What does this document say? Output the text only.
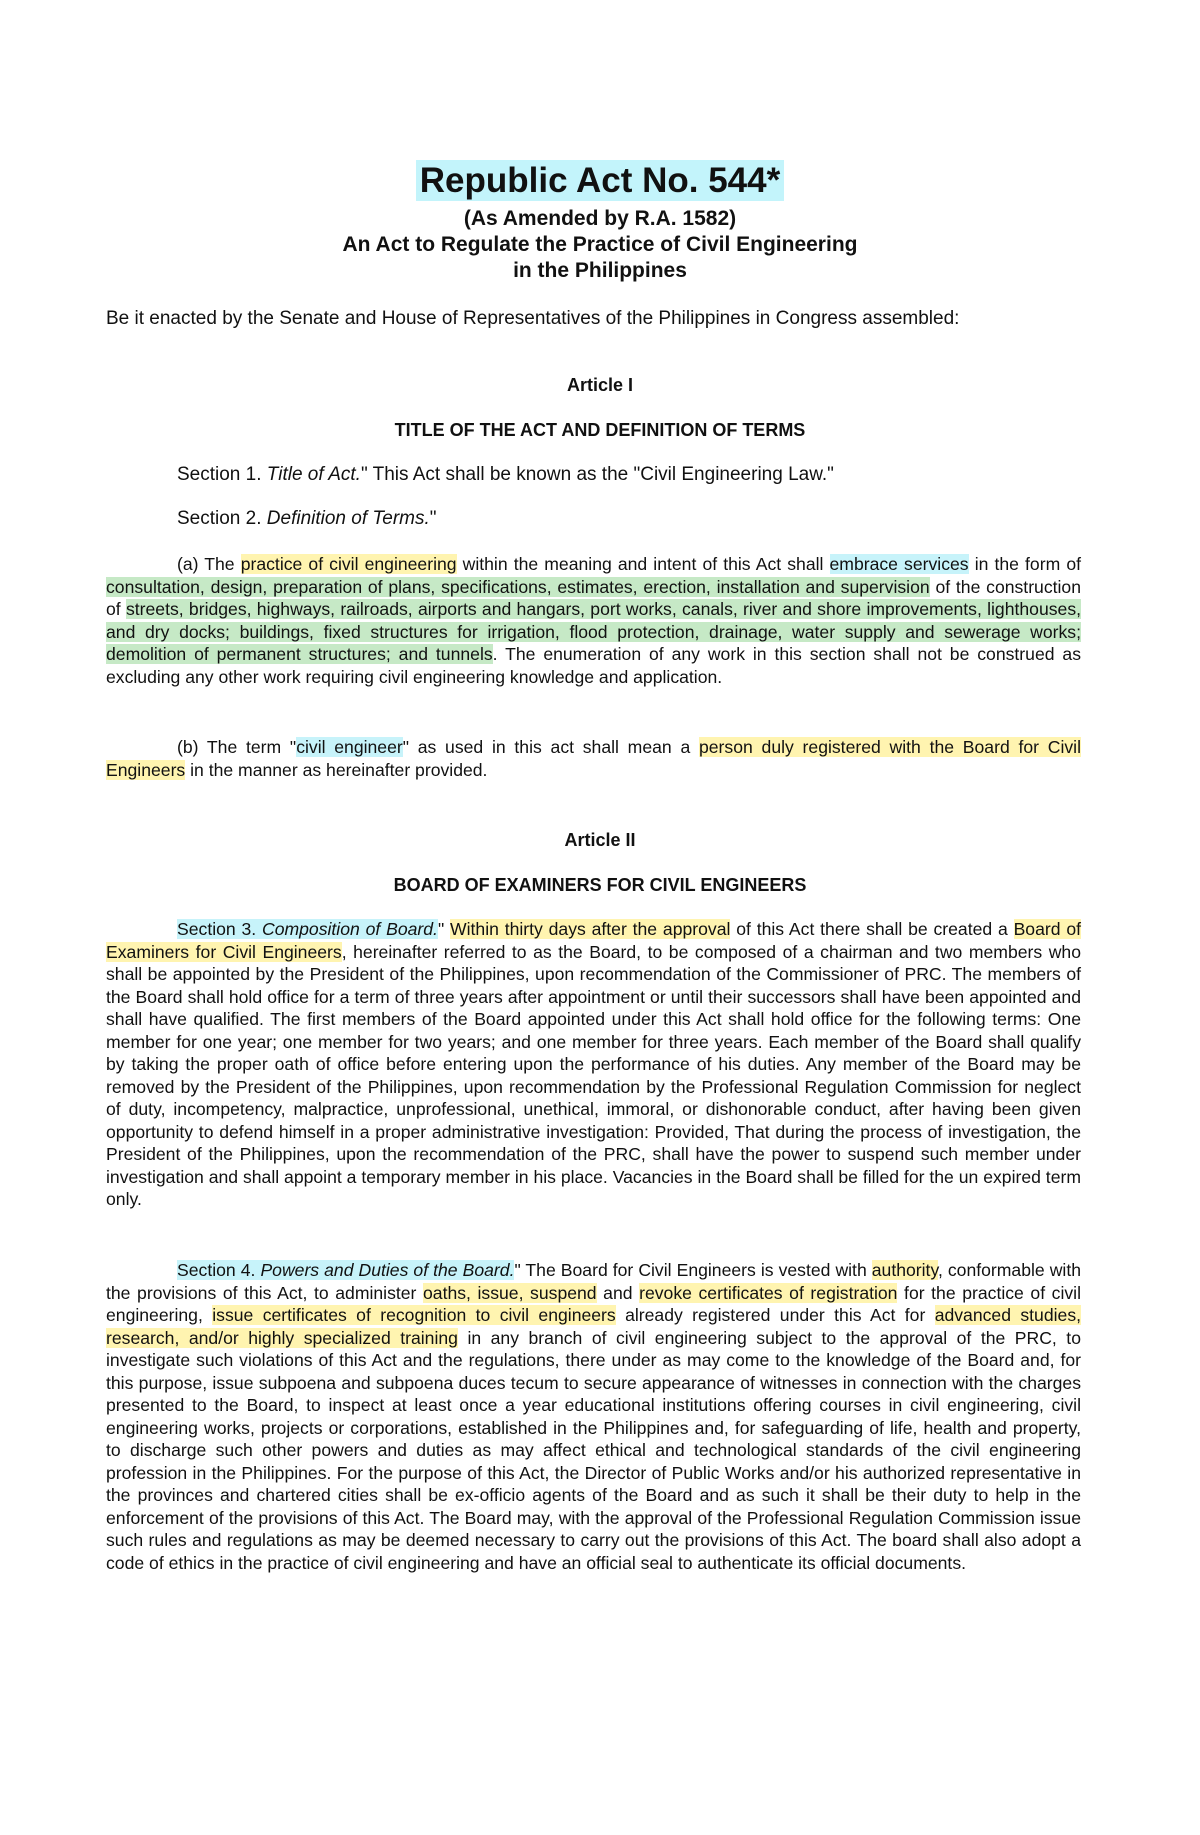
Republic Act No. 544*
(As Amended by R.A. 1582)
An Act to Regulate the Practice of Civil Engineering
in the Philippines
Be it enacted by the Senate and House of Representatives of the Philippines in Congress assembled:
Article I
TITLE OF THE ACT AND DEFINITION OF TERMS
Section 1. Title of Act." This Act shall be known as the "Civil Engineering Law."
Section 2. Definition of Terms."
(a) The practice of civil engineering within the meaning and intent of this Act shall embrace services in the form of consultation, design, preparation of plans, specifications, estimates, erection, installation and supervision of the construction of streets, bridges, highways, railroads, airports and hangars, port works, canals, river and shore improvements, lighthouses, and dry docks; buildings, fixed structures for irrigation, flood protection, drainage, water supply and sewerage works; demolition of permanent structures; and tunnels. The enumeration of any work in this section shall not be construed as excluding any other work requiring civil engineering knowledge and application.
(b) The term "civil engineer" as used in this act shall mean a person duly registered with the Board for Civil Engineers in the manner as hereinafter provided.
Article II
BOARD OF EXAMINERS FOR CIVIL ENGINEERS
Section 3. Composition of Board." Within thirty days after the approval of this Act there shall be created a Board of Examiners for Civil Engineers, hereinafter referred to as the Board, to be composed of a chairman and two members who shall be appointed by the President of the Philippines, upon recommendation of the Commissioner of PRC. The members of the Board shall hold office for a term of three years after appointment or until their successors shall have been appointed and shall have qualified. The first members of the Board appointed under this Act shall hold office for the following terms: One member for one year; one member for two years; and one member for three years. Each member of the Board shall qualify by taking the proper oath of office before entering upon the performance of his duties. Any member of the Board may be removed by the President of the Philippines, upon recommendation by the Professional Regulation Commission for neglect of duty, incompetency, malpractice, unprofessional, unethical, immoral, or dishonorable conduct, after having been given opportunity to defend himself in a proper administrative investigation: Provided, That during the process of investigation, the President of the Philippines, upon the recommendation of the PRC, shall have the power to suspend such member under investigation and shall appoint a temporary member in his place. Vacancies in the Board shall be filled for the un expired term only.
Section 4. Powers and Duties of the Board." The Board for Civil Engineers is vested with authority, conformable with the provisions of this Act, to administer oaths, issue, suspend and revoke certificates of registration for the practice of civil engineering, issue certificates of recognition to civil engineers already registered under this Act for advanced studies, research, and/or highly specialized training in any branch of civil engineering subject to the approval of the PRC, to investigate such violations of this Act and the regulations, there under as may come to the knowledge of the Board and, for this purpose, issue subpoena and subpoena duces tecum to secure appearance of witnesses in connection with the charges presented to the Board, to inspect at least once a year educational institutions offering courses in civil engineering, civil engineering works, projects or corporations, established in the Philippines and, for safeguarding of life, health and property, to discharge such other powers and duties as may affect ethical and technological standards of the civil engineering profession in the Philippines. For the purpose of this Act, the Director of Public Works and/or his authorized representative in the provinces and chartered cities shall be ex-officio agents of the Board and as such it shall be their duty to help in the enforcement of the provisions of this Act. The Board may, with the approval of the Professional Regulation Commission issue such rules and regulations as may be deemed necessary to carry out the provisions of this Act. The board shall also adopt a code of ethics in the practice of civil engineering and have an official seal to authenticate its official documents.
